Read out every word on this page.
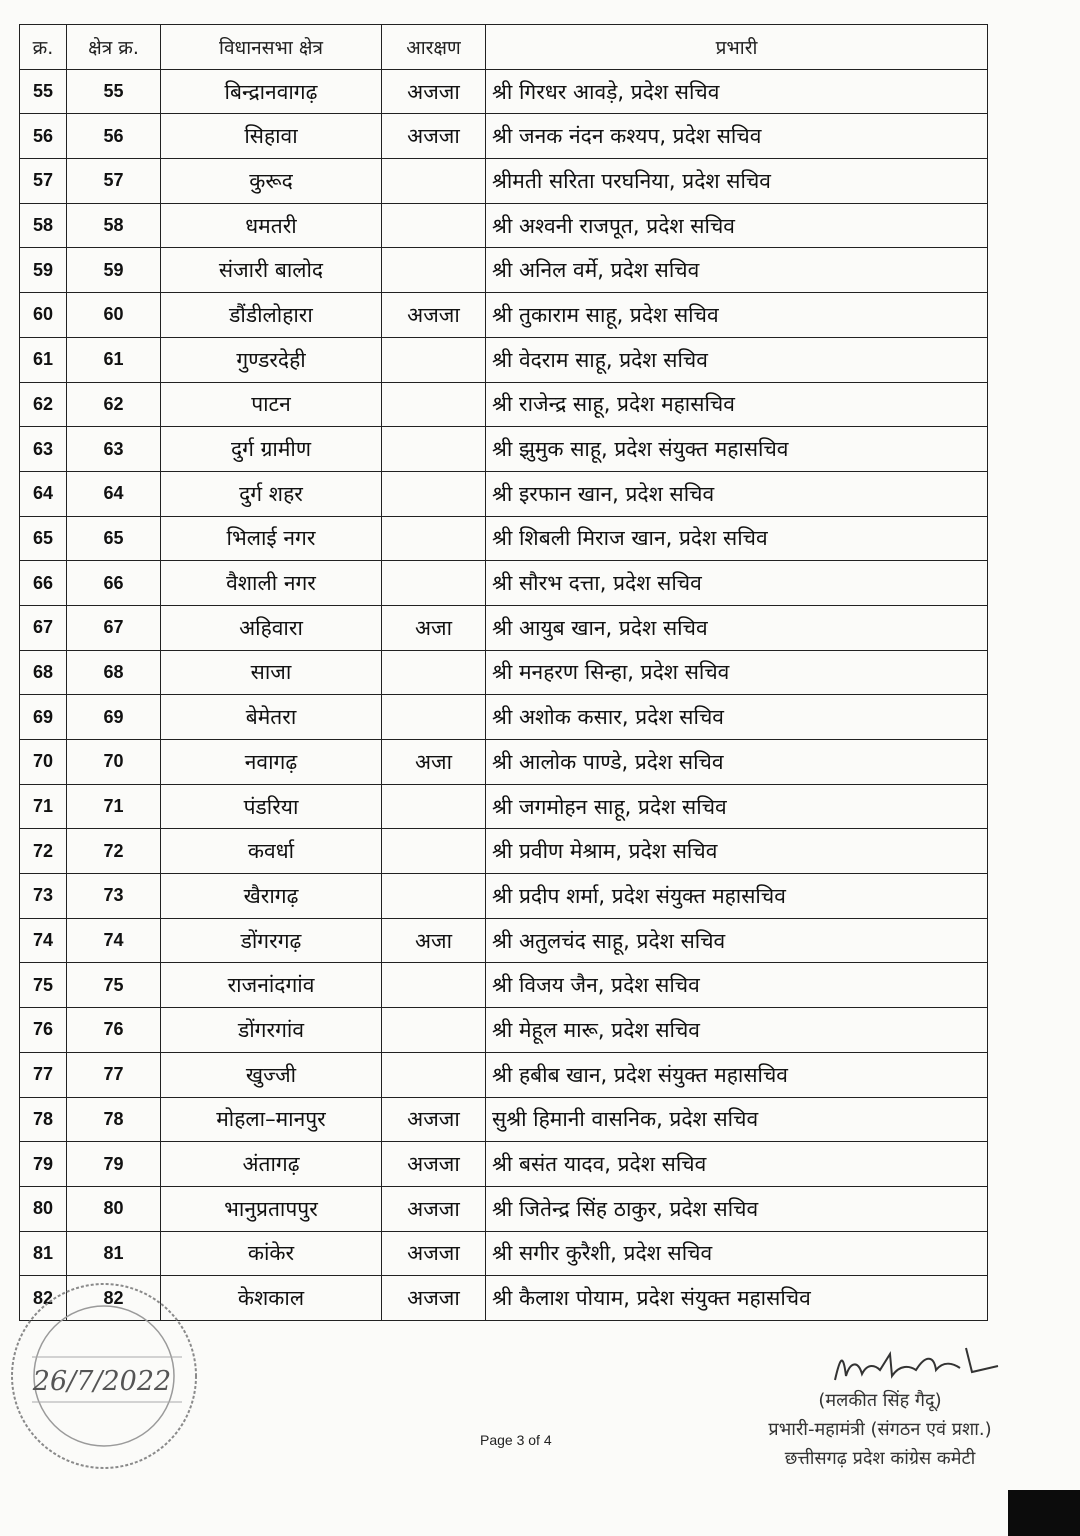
क्र.	क्षेत्र क्र.	विधानसभा क्षेत्र	आरक्षण	प्रभारी
55	55	बिन्द्रानवागढ़	अजजा	श्री गिरधर आवड़े, प्रदेश सचिव
56	56	सिहावा	अजजा	श्री जनक नंदन कश्यप, प्रदेश सचिव
57	57	कुरूद		श्रीमती सरिता परघनिया, प्रदेश सचिव
58	58	धमतरी		श्री अश्वनी राजपूत, प्रदेश सचिव
59	59	संजारी बालोद		श्री अनिल वर्मे, प्रदेश सचिव
60	60	डौंडीलोहारा	अजजा	श्री तुकाराम साहू, प्रदेश सचिव
61	61	गुण्डरदेही		श्री वेदराम साहू, प्रदेश सचिव
62	62	पाटन		श्री राजेन्द्र साहू, प्रदेश महासचिव
63	63	दुर्ग ग्रामीण		श्री झुमुक साहू, प्रदेश संयुक्त महासचिव
64	64	दुर्ग शहर		श्री इरफान खान, प्रदेश सचिव
65	65	भिलाई नगर		श्री शिबली मिराज खान, प्रदेश सचिव
66	66	वैशाली नगर		श्री सौरभ दत्ता, प्रदेश सचिव
67	67	अहिवारा	अजा	श्री आयुब खान, प्रदेश सचिव
68	68	साजा		श्री मनहरण सिन्हा, प्रदेश सचिव
69	69	बेमेतरा		श्री अशोक कसार, प्रदेश सचिव
70	70	नवागढ़	अजा	श्री आलोक पाण्डे, प्रदेश सचिव
71	71	पंडरिया		श्री जगमोहन साहू, प्रदेश सचिव
72	72	कवर्धा		श्री प्रवीण मेश्राम, प्रदेश सचिव
73	73	खैरागढ़		श्री प्रदीप शर्मा, प्रदेश संयुक्त महासचिव
74	74	डोंगरगढ़	अजा	श्री अतुलचंद साहू, प्रदेश सचिव
75	75	राजनांदगांव		श्री विजय जैन, प्रदेश सचिव
76	76	डोंगरगांव		श्री मेहूल मारू, प्रदेश सचिव
77	77	खुज्जी		श्री हबीब खान, प्रदेश संयुक्त महासचिव
78	78	मोहला–मानपुर	अजजा	सुश्री हिमानी वासनिक, प्रदेश सचिव
79	79	अंतागढ़	अजजा	श्री बसंत यादव, प्रदेश सचिव
80	80	भानुप्रतापपुर	अजजा	श्री जितेन्द्र सिंह ठाकुर, प्रदेश सचिव
81	81	कांकेर	अजजा	श्री सगीर कुरैशी, प्रदेश सचिव
82	82	केशकाल	अजजा	श्री कैलाश पोयाम, प्रदेश संयुक्त महासचिव
26/7/2022
(मलकीत सिंह गैदू)
प्रभारी-महामंत्री (संगठन एवं प्रशा.)
छत्तीसगढ़ प्रदेश कांग्रेस कमेटी
Page 3 of 4
